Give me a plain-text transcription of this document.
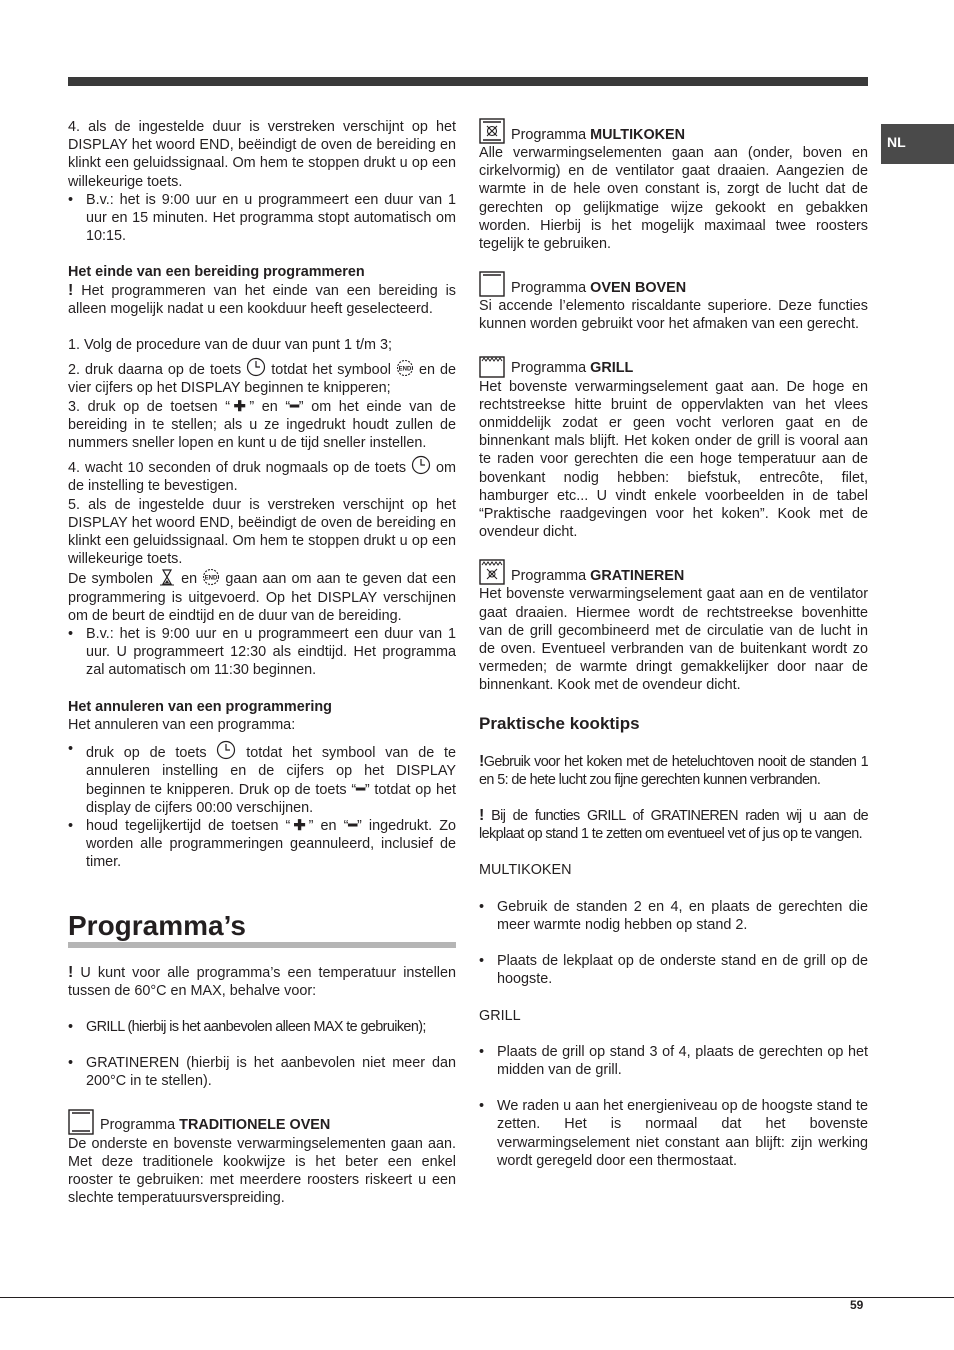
NL

4. als de ingestelde duur is verstreken verschijnt op het DISPLAY het woord END, beëindigt de oven de bereiding en klinkt een geluidssignaal. Om hem te stoppen drukt u op een willekeurige toets.

• B.v.: het is 9:00 uur en u programmeert een duur van 1 uur en 15 minuten. Het programma stopt automatisch om 10:15.
Het einde van een bereiding programmeren

! Het programmeren van het einde van een bereiding is alleen mogelijk nadat u een kookduur heeft geselecteerd.

1. Volg de procedure van de duur van punt 1 t/m 3;

2. druk daarna op de toets totdat het symbool END en de vier cijfers op het DISPLAY beginnen te knipperen;

3. druk op de toetsen “✚” en “━” om het einde van de bereiding in te stellen; als u ze ingedrukt houdt zullen de nummers sneller lopen en kunt u de tijd sneller instellen.

4. wacht 10 seconden of druk nogmaals op de toets om de instelling te bevestigen.

5. als de ingestelde duur is verstreken verschijnt op het DISPLAY het woord END, beëindigt de oven de bereiding en klinkt een geluidssignaal. Om hem te stoppen drukt u op een willekeurige toets.

De symbolen en END gaan aan om aan te geven dat een programmering is uitgevoerd. Op het DISPLAY verschijnen om de beurt de eindtijd en de duur van de bereiding.

• B.v.: het is 9:00 uur en u programmeert een duur van 1 uur. U programmeert 12:30 als eindtijd. Het programma zal automatisch om 11:30 beginnen.
Het annuleren van een programmering

Het annuleren van een programma:

• druk op de toets	totdat het symbool van de te annuleren instelling en de cijfers op het DISPLAY beginnen te knipperen. Druk op de toets “━” totdat op het display de cijfers 00:00 verschijnen.
• houd tegelijkertijd de toetsen “✚” en “━” ingedrukt. Zo worden alle programmeringen geannuleerd, inclusief de timer.
Programma’s

! U kunt voor alle programma’s een temperatuur instellen tussen de 60°C en MAX, behalve voor:

• GRILL (hierbij is het aanbevolen alleen MAX te gebruiken);
• GRATINEREN (hierbij is het aanbevolen niet meer dan 200°C in te stellen).
Programma TRADITIONELE OVEN

De onderste en bovenste verwarmingselementen gaan aan. Met deze traditionele kookwijze is het beter een enkel rooster te gebruiken: met meerdere roosters riskeert u een slechte temperatuursverspreiding.

Programma MULTIKOKEN

Alle verwarmingselementen gaan aan (onder, boven en cirkelvormig) en de ventilator gaat draaien. Aangezien de warmte in de hele oven constant is, zorgt de lucht dat de gerechten op gelijkmatige wijze gekookt en gebakken worden. Hierbij is het mogelijk maximaal twee roosters tegelijk te gebruiken.

Programma OVEN BOVEN

Si accende l’elemento riscaldante superiore. Deze functies kunnen worden gebruikt voor het afmaken van een gerecht.

Programma GRILL

Het bovenste verwarmingselement gaat aan. De hoge en rechtstreekse hitte bruint de oppervlakten van het vlees onmiddelijk zodat er geen vocht verloren gaat en de binnenkant mals blijft. Het koken onder de grill is vooral aan te raden voor gerechten die een hoge temperatuur aan de bovenkant nodig hebben: biefstuk, entrecôte, filet, hamburger etc... U vindt enkele voorbeelden in de tabel “Praktische raadgevingen voor het koken”. Kook met de ovendeur dicht.

Programma GRATINEREN

Het bovenste verwarmingselement gaat aan en de ventilator gaat draaien. Hiermee wordt de rechtstreekse bovenhitte van de grill gecombineerd met de circulatie van de lucht in de oven. Eventueel verbranden van de buitenkant wordt zo vermeden; de warmte dringt gemakkelijker door naar de binnenkant. Kook met de ovendeur dicht.

Praktische kooktips

!Gebruik voor het koken met de heteluchtoven nooit de standen 1 en 5: de hete lucht zou fijne gerechten kunnen verbranden.

! Bij de functies GRILL of GRATINEREN raden wij u aan de lekplaat op stand 1 te zetten om eventueel vet of jus op te vangen.

MULTIKOKEN

• Gebruik de standen 2 en 4, en plaats de gerechten die meer warmte nodig hebben op stand 2.
• Plaats de lekplaat op de onderste stand en de grill op de hoogste.

GRILL

• Plaats de grill op stand 3 of 4, plaats de gerechten op het midden van de grill.
• We raden u aan het energieniveau op de hoogste stand te zetten. Het is normaal dat het bovenste verwarmingselement niet constant aan blijft: zijn werking wordt geregeld door een thermostaat.
59
